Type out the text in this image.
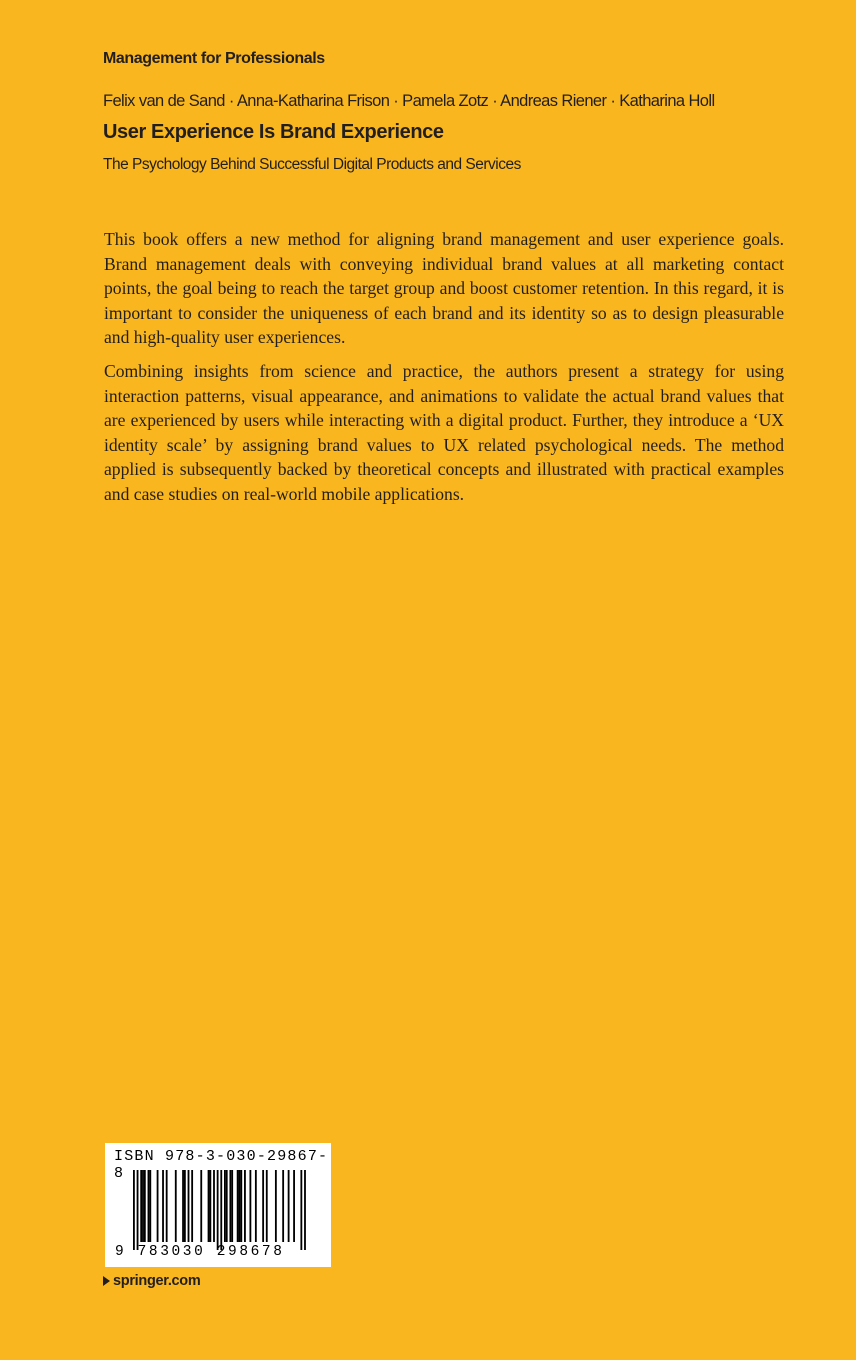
Management for Professionals
Felix van de Sand · Anna-Katharina Frison · Pamela Zotz · Andreas Riener · Katharina Holl
User Experience Is Brand Experience
The Psychology Behind Successful Digital Products and Services

This book offers a new method for aligning brand management and user experience goals. Brand management deals with conveying individual brand values at all marketing contact points, the goal being to reach the target group and boost customer retention. In this regard, it is important to consider the uniqueness of each brand and its identity so as to design pleasurable and high-quality user experiences.

Combining insights from science and practice, the authors present a strategy for using interaction patterns, visual appearance, and animations to validate the actual brand values that are experienced by users while interacting with a digital product. Further, they introduce a ‘UX identity scale’ by assigning brand values to UX related psychological needs. The method applied is subsequently backed by theoretical concepts and illustrated with practical examples and case studies on real-world mobile applications.

ISBN 978-3-030-29867-8
9 783030 298678
springer.com
